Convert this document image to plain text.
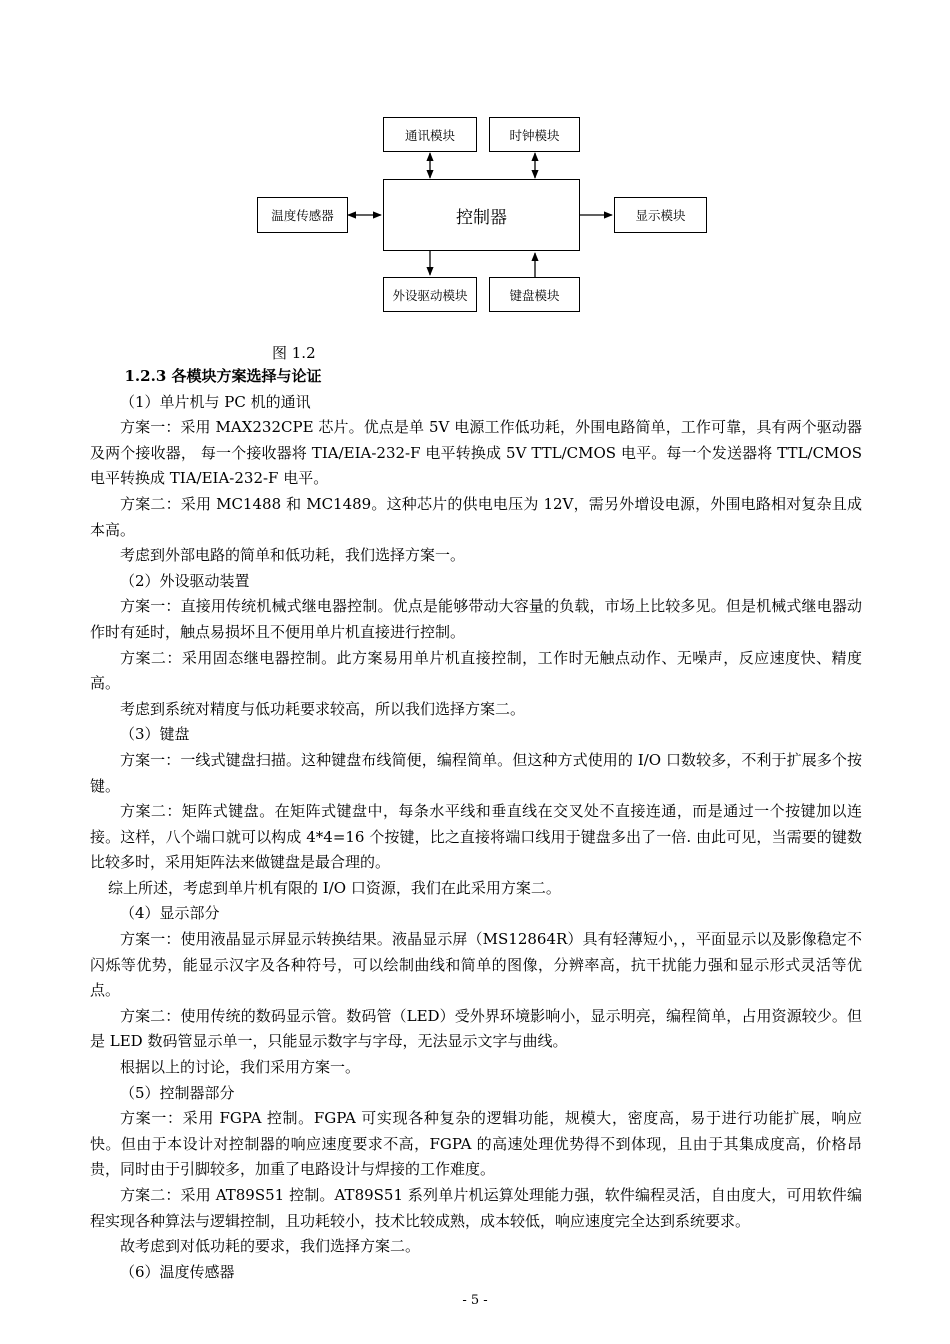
通讯模块	时钟模块
温度传感器	控制器	显示模块
外设驱动模块	键盘模块
图 1.2

1.2.3 各模块方案选择与论证

（1）单片机与 PC 机的通讯

方案一：采用 MAX232CPE 芯片。优点是单 5V 电源工作低功耗，外围电路简单，工作可靠，具有两个驱动器及两个接收器， 每一个接收器将 TIA/EIA-232-F 电平转换成 5V TTL/CMOS 电平。每一个发送器将 TTL/CMOS 电平转换成 TIA/EIA-232-F 电平。

方案二：采用 MC1488 和 MC1489。这种芯片的供电电压为 12V，需另外增设电源，外围电路相对复杂且成本高。

考虑到外部电路的简单和低功耗，我们选择方案一。

（2）外设驱动装置

方案一：直接用传统机械式继电器控制。优点是能够带动大容量的负载，市场上比较多见。但是机械式继电器动作时有延时，触点易损坏且不便用单片机直接进行控制。

方案二：采用固态继电器控制。此方案易用单片机直接控制，工作时无触点动作、无噪声，反应速度快、精度高。

考虑到系统对精度与低功耗要求较高，所以我们选择方案二。

（3）键盘

方案一：一线式键盘扫描。这种键盘布线简便，编程简单。但这种方式使用的 I/O 口数较多，不利于扩展多个按键。

方案二：矩阵式键盘。在矩阵式键盘中，每条水平线和垂直线在交叉处不直接连通，而是通过一个按键加以连接。这样，八个端口就可以构成 4*4=16 个按键，比之直接将端口线用于键盘多出了一倍. 由此可见，当需要的键数比较多时，采用矩阵法来做键盘是最合理的。

综上所述，考虑到单片机有限的 I/O 口资源，我们在此采用方案二。

（4）显示部分

方案一：使用液晶显示屏显示转换结果。液晶显示屏（MS12864R）具有轻薄短小，，平面显示以及影像稳定不闪烁等优势，能显示汉字及各种符号，可以绘制曲线和简单的图像，分辨率高，抗干扰能力强和显示形式灵活等优点。

方案二：使用传统的数码显示管。数码管（LED）受外界环境影响小，显示明亮，编程简单，占用资源较少。但是 LED 数码管显示单一，只能显示数字与字母，无法显示文字与曲线。

根据以上的讨论，我们采用方案一。

（5）控制器部分

方案一：采用 FGPA 控制。FGPA 可实现各种复杂的逻辑功能，规模大，密度高，易于进行功能扩展，响应快。但由于本设计对控制器的响应速度要求不高，FGPA 的高速处理优势得不到体现，且由于其集成度高，价格昂贵，同时由于引脚较多，加重了电路设计与焊接的工作难度。

方案二：采用 AT89S51 控制。AT89S51 系列单片机运算处理能力强，软件编程灵活，自由度大，可用软件编程实现各种算法与逻辑控制，且功耗较小，技术比较成熟，成本较低，响应速度完全达到系统要求。

故考虑到对低功耗的要求，我们选择方案二。

（6）温度传感器

- 5 -
